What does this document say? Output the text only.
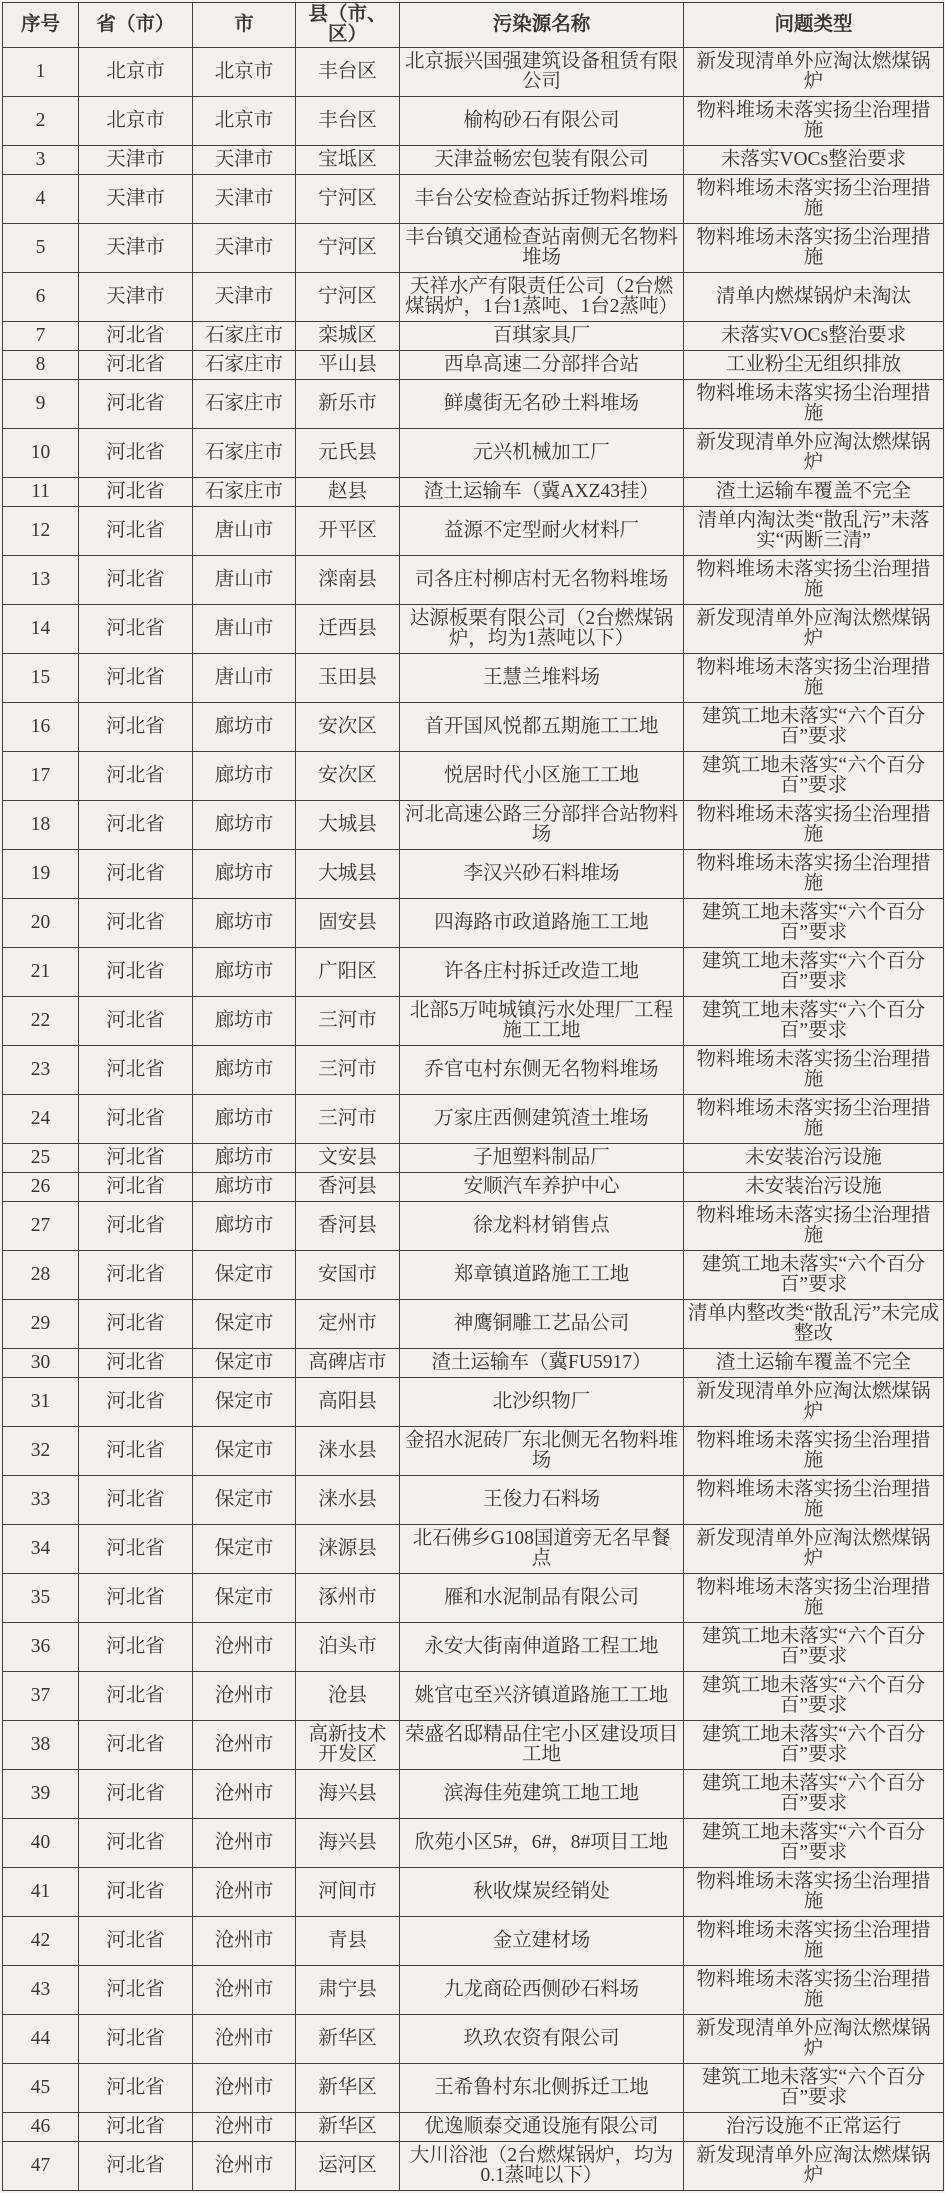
序号	省（市）	市	县（市、区）	污染源名称	问题类型
1	北京市	北京市	丰台区	北京振兴国强建筑设备租赁有限公司	新发现清单外应淘汰燃煤锅炉
2	北京市	北京市	丰台区	榆构砂石有限公司	物料堆场未落实扬尘治理措施
3	天津市	天津市	宝坻区	天津益畅宏包装有限公司	未落实VOCs整治要求
4	天津市	天津市	宁河区	丰台公安检查站拆迁物料堆场	物料堆场未落实扬尘治理措施
5	天津市	天津市	宁河区	丰台镇交通检查站南侧无名物料堆场	物料堆场未落实扬尘治理措施
6	天津市	天津市	宁河区	天祥水产有限责任公司（2台燃煤锅炉，1台1蒸吨、1台2蒸吨）	清单内燃煤锅炉未淘汰
7	河北省	石家庄市	栾城区	百琪家具厂	未落实VOCs整治要求
8	河北省	石家庄市	平山县	西阜高速二分部拌合站	工业粉尘无组织排放
9	河北省	石家庄市	新乐市	鲜虞街无名砂土料堆场	物料堆场未落实扬尘治理措施
10	河北省	石家庄市	元氏县	元兴机械加工厂	新发现清单外应淘汰燃煤锅炉
11	河北省	石家庄市	赵县	渣土运输车（冀AXZ43挂）	渣土运输车覆盖不完全
12	河北省	唐山市	开平区	益源不定型耐火材料厂	清单内淘汰类“散乱污”未落实“两断三清”
13	河北省	唐山市	滦南县	司各庄村柳店村无名物料堆场	物料堆场未落实扬尘治理措施
14	河北省	唐山市	迁西县	达源板栗有限公司（2台燃煤锅炉，均为1蒸吨以下）	新发现清单外应淘汰燃煤锅炉
15	河北省	唐山市	玉田县	王慧兰堆料场	物料堆场未落实扬尘治理措施
16	河北省	廊坊市	安次区	首开国风悦都五期施工工地	建筑工地未落实“六个百分百”要求
17	河北省	廊坊市	安次区	悦居时代小区施工工地	建筑工地未落实“六个百分百”要求
18	河北省	廊坊市	大城县	河北高速公路三分部拌合站物料场	物料堆场未落实扬尘治理措施
19	河北省	廊坊市	大城县	李汉兴砂石料堆场	物料堆场未落实扬尘治理措施
20	河北省	廊坊市	固安县	四海路市政道路施工工地	建筑工地未落实“六个百分百”要求
21	河北省	廊坊市	广阳区	许各庄村拆迁改造工地	建筑工地未落实“六个百分百”要求
22	河北省	廊坊市	三河市	北部5万吨城镇污水处理厂工程施工工地	建筑工地未落实“六个百分百”要求
23	河北省	廊坊市	三河市	乔官屯村东侧无名物料堆场	物料堆场未落实扬尘治理措施
24	河北省	廊坊市	三河市	万家庄西侧建筑渣土堆场	物料堆场未落实扬尘治理措施
25	河北省	廊坊市	文安县	子旭塑料制品厂	未安装治污设施
26	河北省	廊坊市	香河县	安顺汽车养护中心	未安装治污设施
27	河北省	廊坊市	香河县	徐龙料材销售点	物料堆场未落实扬尘治理措施
28	河北省	保定市	安国市	郑章镇道路施工工地	建筑工地未落实“六个百分百”要求
29	河北省	保定市	定州市	神鹰铜雕工艺品公司	清单内整改类“散乱污”未完成整改
30	河北省	保定市	高碑店市	渣土运输车（冀FU5917）	渣土运输车覆盖不完全
31	河北省	保定市	高阳县	北沙织物厂	新发现清单外应淘汰燃煤锅炉
32	河北省	保定市	涞水县	金招水泥砖厂东北侧无名物料堆场	物料堆场未落实扬尘治理措施
33	河北省	保定市	涞水县	王俊力石料场	物料堆场未落实扬尘治理措施
34	河北省	保定市	涞源县	北石佛乡G108国道旁无名早餐点	新发现清单外应淘汰燃煤锅炉
35	河北省	保定市	涿州市	雁和水泥制品有限公司	物料堆场未落实扬尘治理措施
36	河北省	沧州市	泊头市	永安大街南伸道路工程工地	建筑工地未落实“六个百分百”要求
37	河北省	沧州市	沧县	姚官屯至兴济镇道路施工工地	建筑工地未落实“六个百分百”要求
38	河北省	沧州市	高新技术开发区	荣盛名邸精品住宅小区建设项目工地	建筑工地未落实“六个百分百”要求
39	河北省	沧州市	海兴县	滨海佳苑建筑工地工地	建筑工地未落实“六个百分百”要求
40	河北省	沧州市	海兴县	欣苑小区5#，6#，8#项目工地	建筑工地未落实“六个百分百”要求
41	河北省	沧州市	河间市	秋收煤炭经销处	物料堆场未落实扬尘治理措施
42	河北省	沧州市	青县	金立建材场	物料堆场未落实扬尘治理措施
43	河北省	沧州市	肃宁县	九龙商砼西侧砂石料场	物料堆场未落实扬尘治理措施
44	河北省	沧州市	新华区	玖玖农资有限公司	新发现清单外应淘汰燃煤锅炉
45	河北省	沧州市	新华区	王希鲁村东北侧拆迁工地	建筑工地未落实“六个百分百”要求
46	河北省	沧州市	新华区	优逸顺泰交通设施有限公司	治污设施不正常运行
47	河北省	沧州市	运河区	大川浴池（2台燃煤锅炉，均为0.1蒸吨以下）	新发现清单外应淘汰燃煤锅炉
